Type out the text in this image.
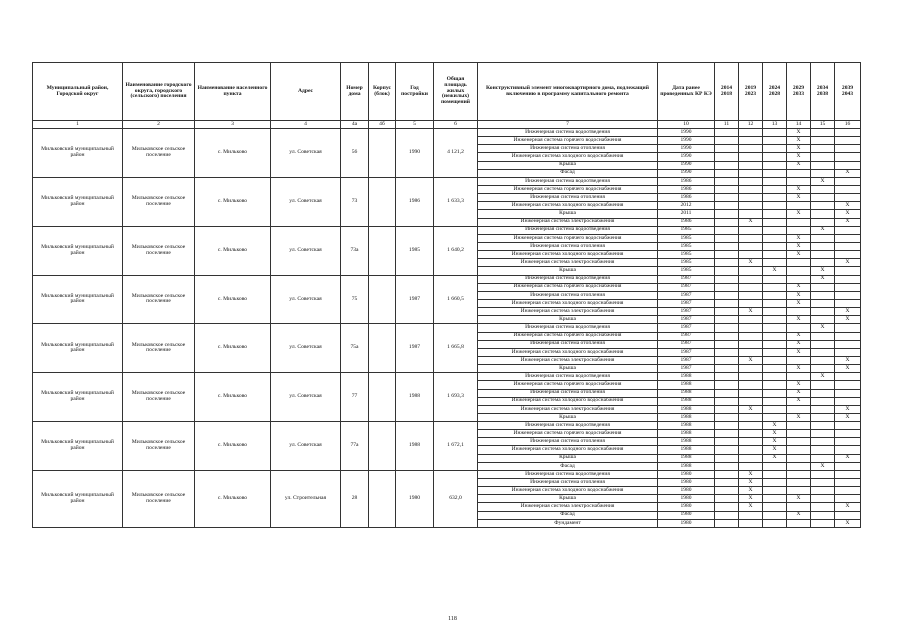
Муниципальный район, Городской округ	Наименование городского округа, городского (сельского) поселения	Наименование населенного пункта	Адрес	Номер дома	Корпус (блок)	Год постройки	Общая площадь жилых (нежилых) помещений	Конструктивный элемент многоквартирного дома, подлежащий включению в программу капитального ремонта	Дата ранее проведенных КР КЭ	2014 2018	2019 2023	2024 2028	2029 2033	2034 2038	2039 2043
1	2	3	4	4а	4б	5	6	7	10	11	12	13	14	15	16
Мильковский муниципальный район	Мильковское сельское поселение	с. Мильково	ул. Советская	56		1990	4 121,2	Инженерная система водоотведения	1990				X		
								Инженерная система горячего водоснабжения	1990				X		
								Инженерная система отопления	1990				X		
								Инженерная система холодного водоснабжения	1990				X		
								Крыша	1990				X		
								Фасад	1990						X
Мильковский муниципальный район	Мильковское сельское поселение	с. Мильково	ул. Советская	73		1986	1 633,3	Инженерная система водоотведения	1986					X	
								Инженерная система горячего водоснабжения	1986				X		
								Инженерная система отопления	1986				X		
								Инженерная система холодного водоснабжения	2012						X
								Крыша	2011				X		X
								Инженерная система электроснабжения	1986		X				X
Мильковский муниципальный район	Мильковское сельское поселение	с. Мильково	ул. Советская	73а		1985	1 640,2	Инженерная система водоотведения	1985					X	
								Инженерная система горячего водоснабжения	1985				X		
								Инженерная система отопления	1985				X		
								Инженерная система холодного водоснабжения	1985				X		
								Инженерная система электроснабжения	1985		X				X
								Крыша	1985			X		X	
Мильковский муниципальный район	Мильковское сельское поселение	с. Мильково	ул. Советская	75		1987	1 660,5	Инженерная система водоотведения	1987					X	
								Инженерная система горячего водоснабжения	1987				X		
								Инженерная система отопления	1987				X		
								Инженерная система холодного водоснабжения	1987				X		
								Инженерная система электроснабжения	1987		X				X
								Крыша	1987				X		X
Мильковский муниципальный район	Мильковское сельское поселение	с. Мильково	ул. Советская	75а		1987	1 665,8	Инженерная система водоотведения	1987					X	
								Инженерная система горячего водоснабжения	1987				X		
								Инженерная система отопления	1987				X		
								Инженерная система холодного водоснабжения	1987				X		
								Инженерная система электроснабжения	1987		X				X
								Крыша	1987				X		X
Мильковский муниципальный район	Мильковское сельское поселение	с. Мильково	ул. Советская	77		1988	1 693,3	Инженерная система водоотведения	1988					X	
								Инженерная система горячего водоснабжения	1988				X		
								Инженерная система отопления	1988				X		
								Инженерная система холодного водоснабжения	1988				X		
								Инженерная система электроснабжения	1988		X				X
								Крыша	1988				X		X
Мильковский муниципальный район	Мильковское сельское поселение	с. Мильково	ул. Советская	77а		1988	1 672,1	Инженерная система водоотведения	1988			X			
								Инженерная система горячего водоснабжения	1988			X			
								Инженерная система отопления	1988			X			
								Инженерная система холодного водоснабжения	1988			X			
								Крыша	1988			X			X
								Фасад	1988					X	
Мильковский муниципальный район	Мильковское сельское поселение	с. Мильково	ул. Строительная	28		1980	632,0	Инженерная система водоотведения	1980		X				
								Инженерная система отопления	1980		X				
								Инженерная система холодного водоснабжения	1980		X				
								Крыша	1980		X		X		
								Инженерная система электроснабжения	1980		X				X
								Фасад	1980				X		
								Фундамент	1980						X
118
